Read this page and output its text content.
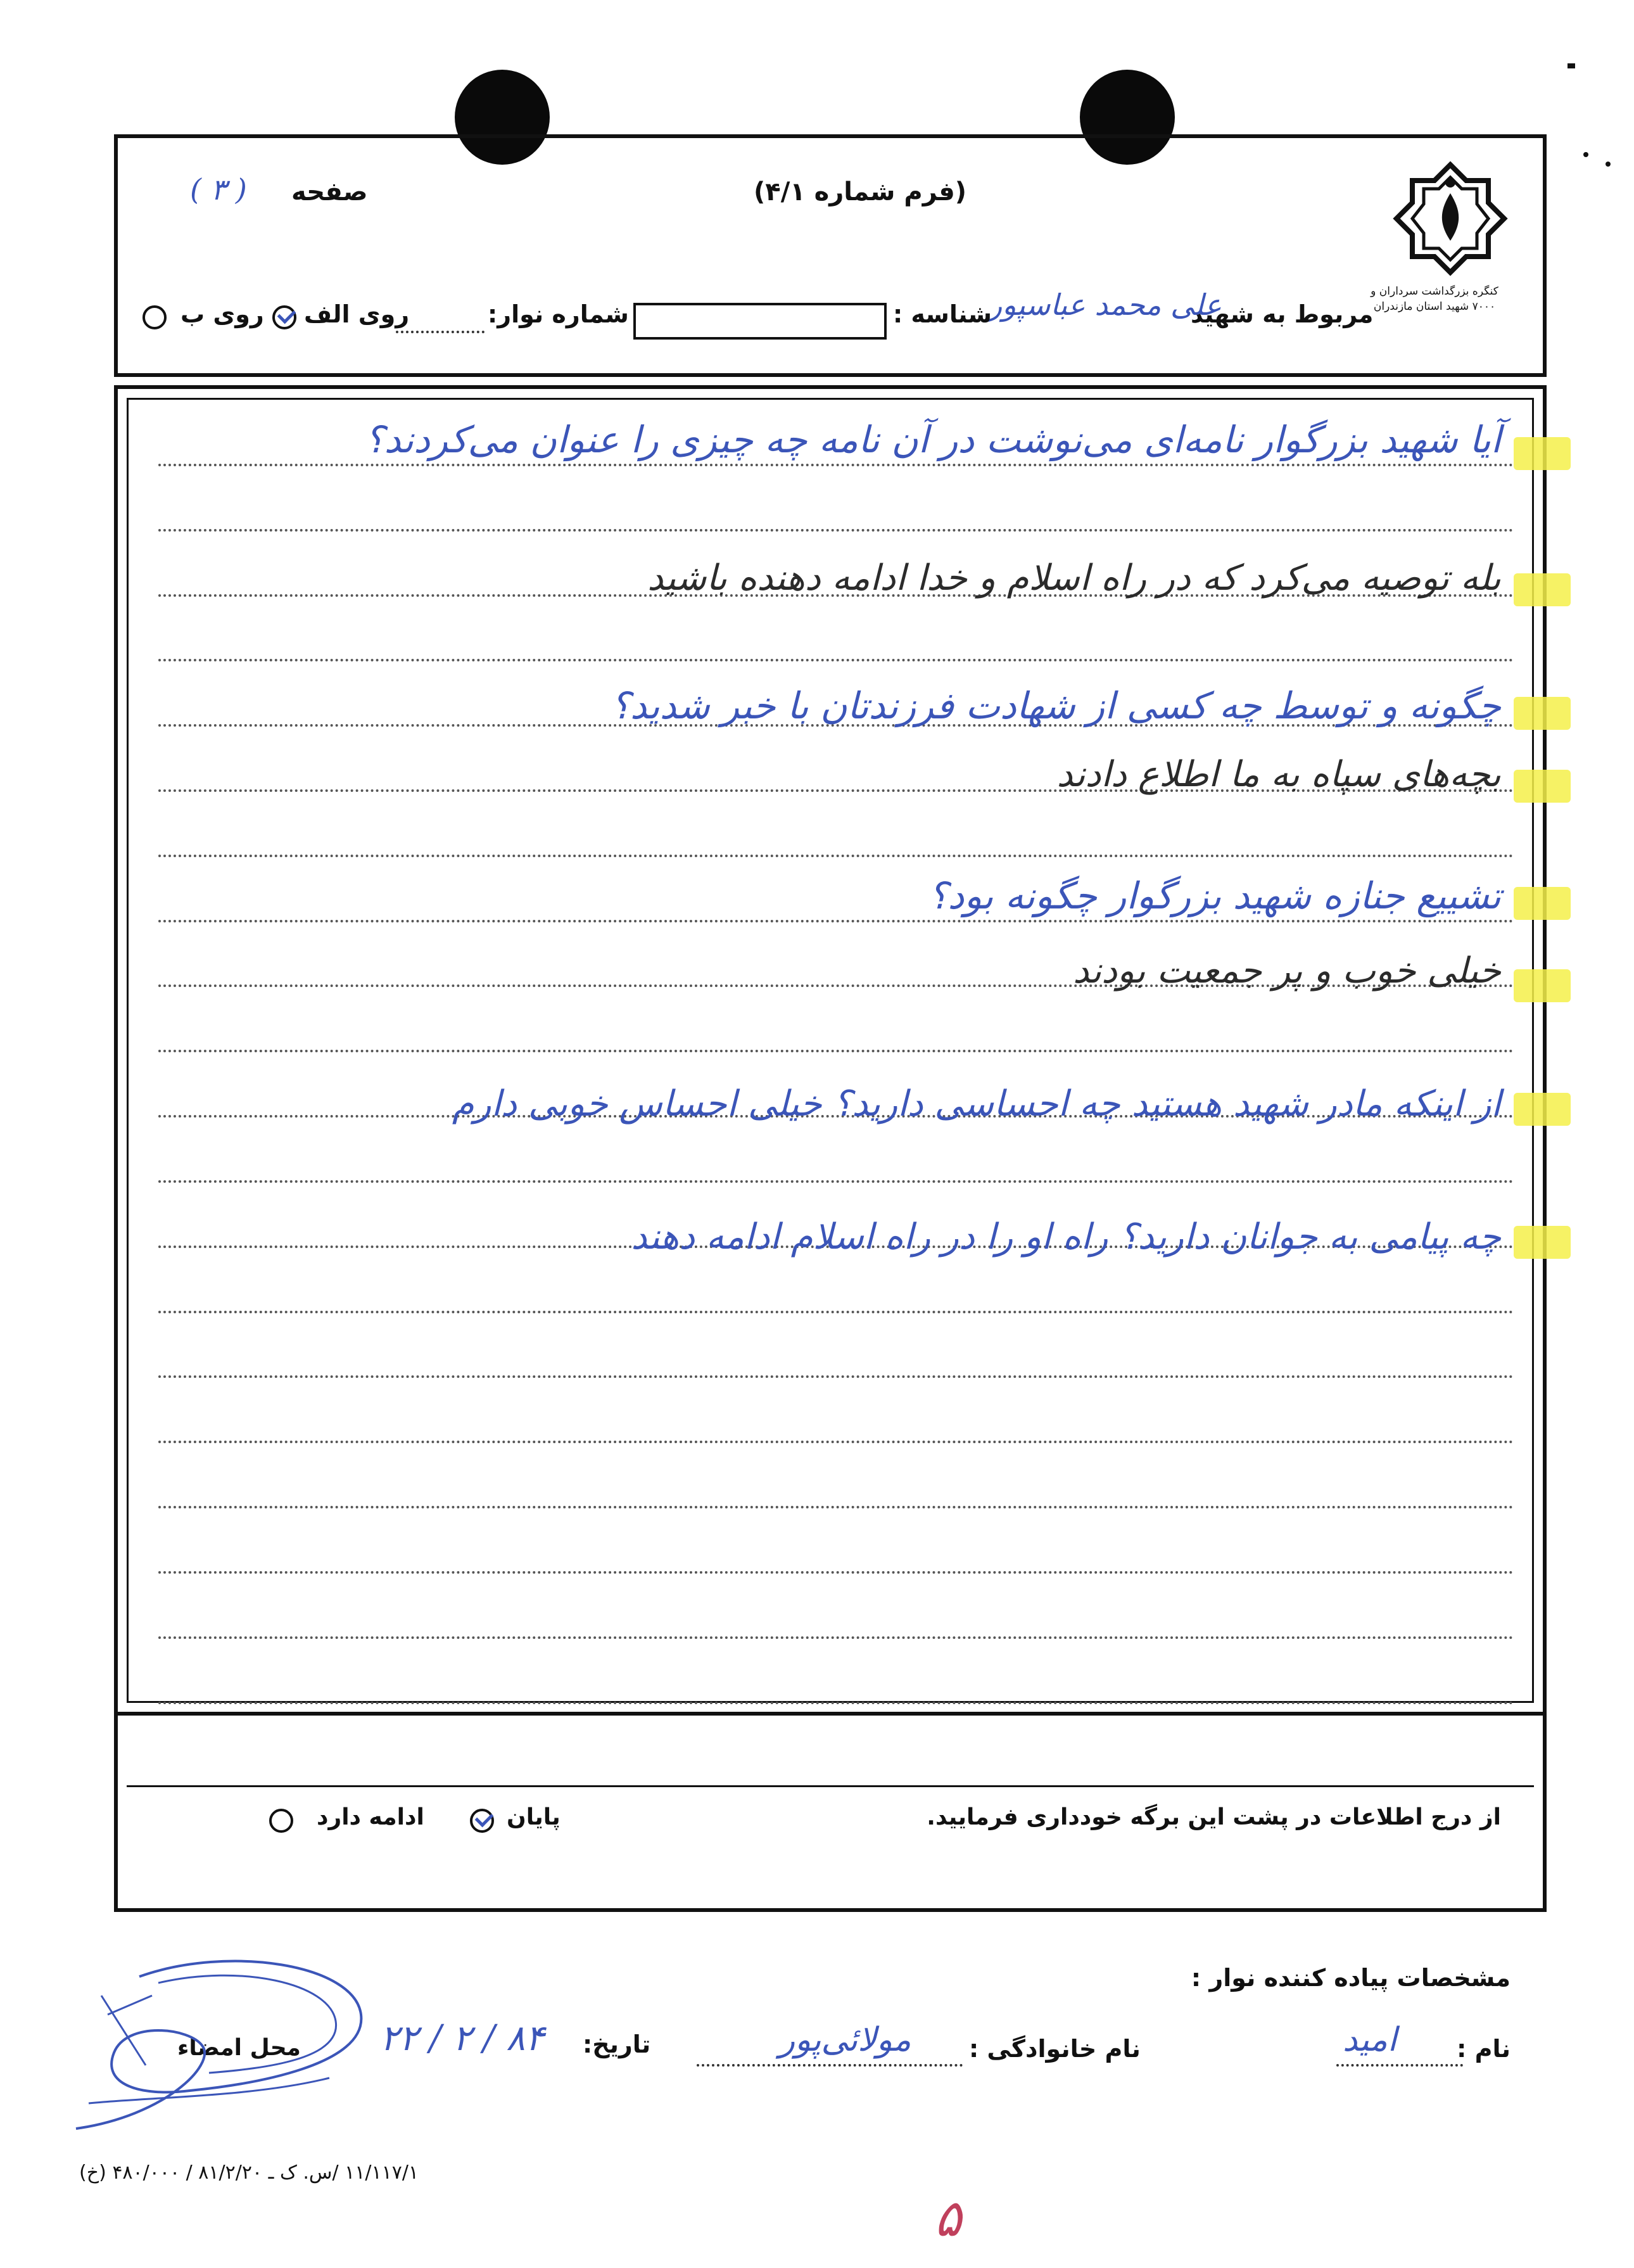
کنگره بزرگداشت سرداران و ۷۰۰۰ شهید استان مازندران
صفحه
( ٣ )	(فرم شماره ۴/۱)
مربوط به شهید
علی محمد عباسپور
شناسه :
شماره نوار:
روی الف
روی ب
آیا شهید بزرگوار نامه‌ای می‌نوشت در آن نامه چه چیزی را عنوان می‌کردند؟
بله توصیه می‌کرد که در راه اسلام و خدا ادامه دهنده باشید
چگونه و توسط چه کسی از شهادت فرزندتان با خبر شدید؟
بچه‌های سپاه به ما اطلاع دادند
تشییع جنازه شهید بزرگوار چگونه بود؟
خیلی خوب و پر جمعیت بودند
از اینکه مادر شهید هستید چه احساسی دارید؟ خیلی احساس خوبی دارم
چه پیامی به جوانان دارید؟ راه او را در راه اسلام ادامه دهند
از درج اطلاعات در پشت این برگه خودداری فرمایید.
پایان
ادامه دارد
مشخصات پیاده کننده نوار :
نام :
امید
نام خانوادگی :
مولائی‌پور
تاریخ:
۸۴ / ۲ / ۲۲
محل امضاء
۱۱/۱۱۷/۱ /س. ک ـ ۸۱/۲/۲۰ / ۴۸۰/۰۰۰ (خ)
۵
